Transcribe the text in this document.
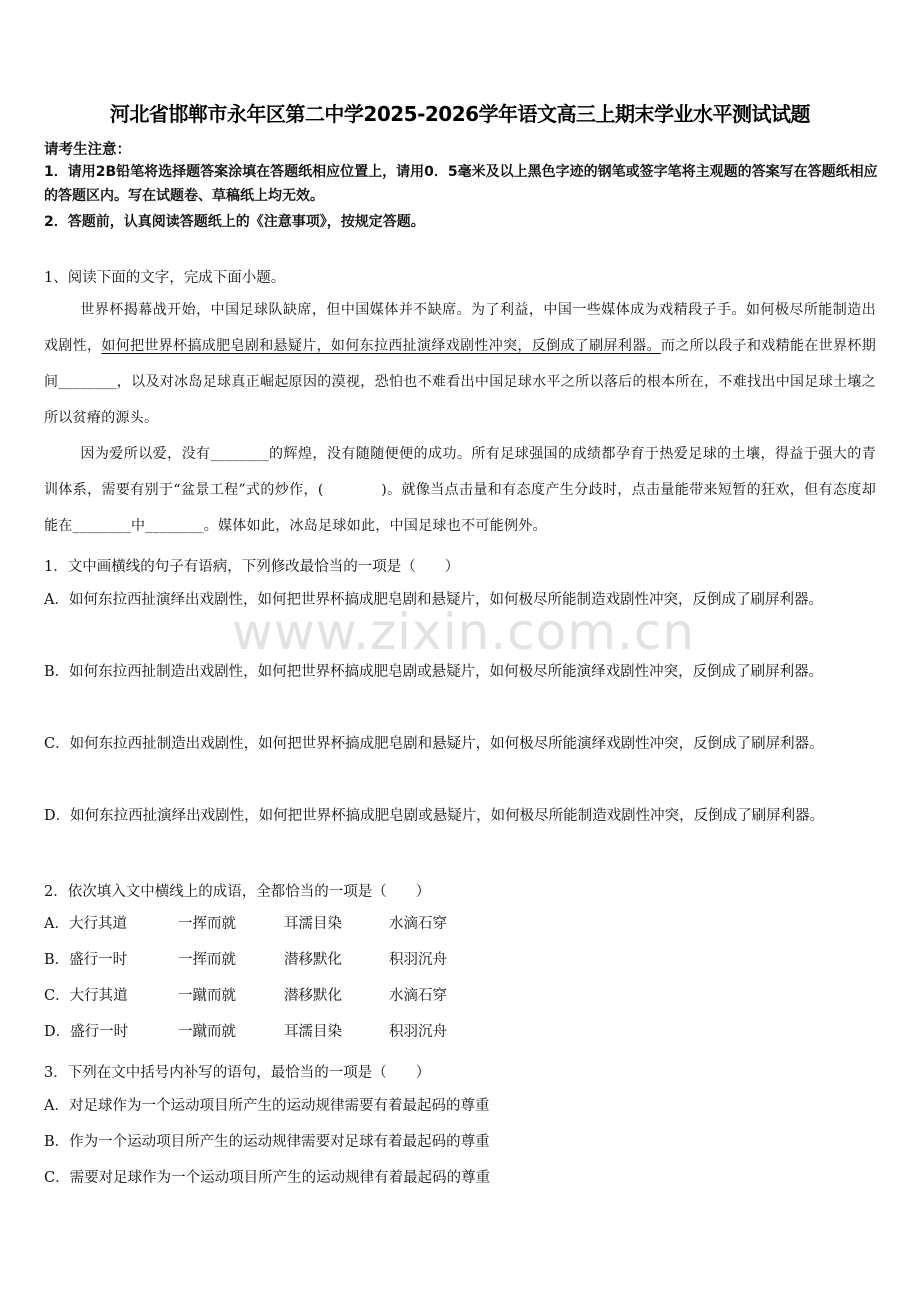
www.zixin.com.cn
河北省邯郸市永年区第二中学2025-2026学年语文高三上期末学业水平测试试题
请考生注意：
1．请用2B铅笔将选择题答案涂填在答题纸相应位置上，请用0．5毫米及以上黑色字迹的钢笔或签字笔将主观题的答案写在答题纸相应的答题区内。写在试题卷、草稿纸上均无效。
2．答题前，认真阅读答题纸上的《注意事项》，按规定答题。
1、阅读下面的文字，完成下面小题。
世界杯揭幕战开始，中国足球队缺席，但中国媒体并不缺席。为了利益，中国一些媒体成为戏精段子手。如何极尽所能制造出戏剧性，如何把世界杯搞成肥皂剧和悬疑片，如何东拉西扯演绎戏剧性冲突，反倒成了刷屏利器。而之所以段子和戏精能在世界杯期间________，以及对冰岛足球真正崛起原因的漠视，恐怕也不难看出中国足球水平之所以落后的根本所在，不难找出中国足球土壤之所以贫瘠的源头。
因为爱所以爱，没有________的辉煌，没有随随便便的成功。所有足球强国的成绩都孕育于热爱足球的土壤，得益于强大的青训体系，需要有别于“盆景工程”式的炒作，(　　　　)。就像当点击量和有态度产生分歧时，点击量能带来短暂的狂欢，但有态度却能在________中________。媒体如此，冰岛足球如此，中国足球也不可能例外。
1．文中画横线的句子有语病，下列修改最恰当的一项是（　　）
A．如何东拉西扯演绎出戏剧性，如何把世界杯搞成肥皂剧和悬疑片，如何极尽所能制造戏剧性冲突，反倒成了刷屏利器。
B．如何东拉西扯制造出戏剧性，如何把世界杯搞成肥皂剧或悬疑片，如何极尽所能演绎戏剧性冲突，反倒成了刷屏利器。
C．如何东拉西扯制造出戏剧性，如何把世界杯搞成肥皂剧和悬疑片，如何极尽所能演绎戏剧性冲突，反倒成了刷屏利器。
D．如何东拉西扯演绎出戏剧性，如何把世界杯搞成肥皂剧或悬疑片，如何极尽所能制造戏剧性冲突，反倒成了刷屏利器。
2．依次填入文中横线上的成语，全都恰当的一项是（　　）
A．大行其道	一挥而就	耳濡目染	水滴石穿
B．盛行一时	一挥而就	潜移默化	积羽沉舟
C．大行其道	一蹴而就	潜移默化	水滴石穿
D．盛行一时	一蹴而就	耳濡目染	积羽沉舟
3．下列在文中括号内补写的语句，最恰当的一项是（　　）
A．对足球作为一个运动项目所产生的运动规律需要有着最起码的尊重
B．作为一个运动项目所产生的运动规律需要对足球有着最起码的尊重
C．需要对足球作为一个运动项目所产生的运动规律有着最起码的尊重
